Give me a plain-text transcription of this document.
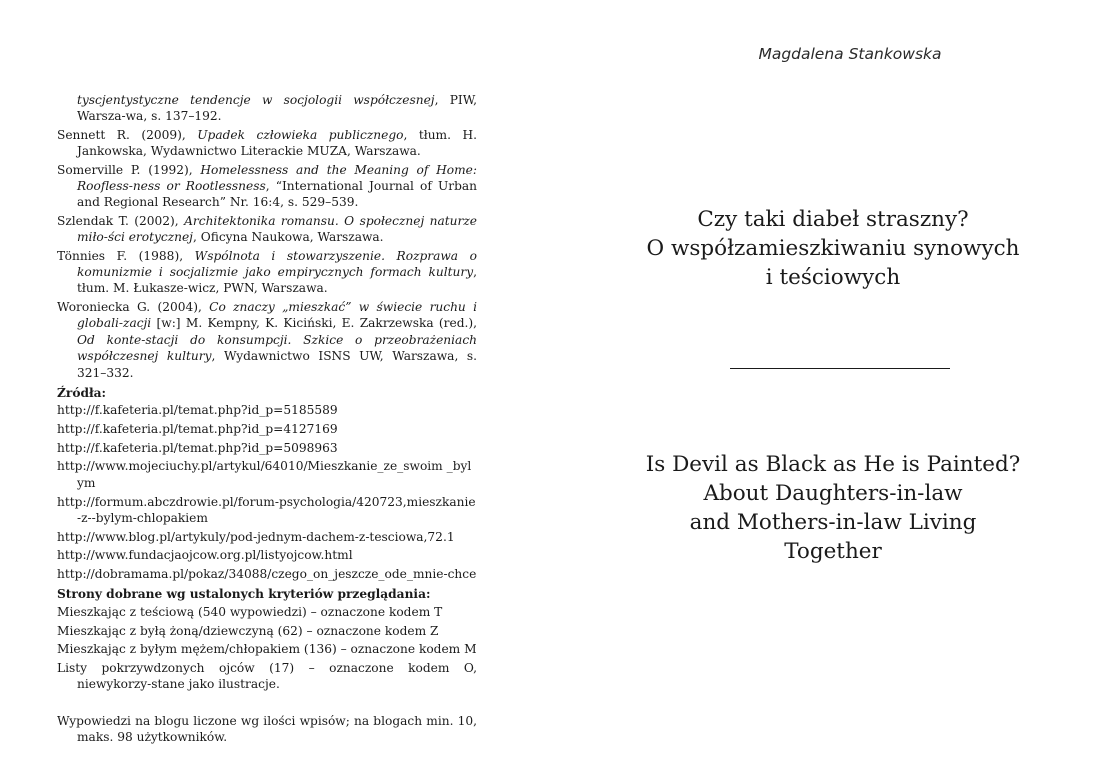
tyscjentystyczne tendencje w socjologii współczesnej, PIW, Warsza-wa, s. 137–192.
Sennett R. (2009), Upadek człowieka publicznego, tłum. H. Jankowska, Wydawnictwo Literackie MUZA, Warszawa.
Somerville P. (1992), Homelessness and the Meaning of Home: Roofless-ness or Rootlessness, “International Journal of Urban and Regional Research” Nr. 16:4, s. 529–539.
Szlendak T. (2002), Architektonika romansu. O społecznej naturze miło-ści erotycznej, Oficyna Naukowa, Warszawa.
Tönnies F. (1988), Wspólnota i stowarzyszenie. Rozprawa o komunizmie i socjalizmie jako empirycznych formach kultury, tłum. M. Łukasze-wicz, PWN, Warszawa.
Woroniecka G. (2004), Co znaczy „mieszkać” w świecie ruchu i globali-zacji [w:] M. Kempny, K. Kiciński, E. Zakrzewska (red.), Od konte-stacji do konsumpcji. Szkice o przeobrażeniach współczesnej kultury, Wydawnictwo ISNS UW, Warszawa, s. 321–332.
Źródła:
http://f.kafeteria.pl/temat.php?id_p=5185589
http://f.kafeteria.pl/temat.php?id_p=4127169
http://f.kafeteria.pl/temat.php?id_p=5098963
http://www.mojeciuchy.pl/artykul/64010/Mieszkanie_ze_swoim _bylym
http://formum.abczdrowie.pl/forum-psychologia/420723,mieszkanie-z--bylym-chlopakiem
http://www.blog.pl/artykuly/pod-jednym-dachem-z-tesciowa,72.1
http://www.fundacjaojcow.org.pl/listyojcow.html
http://dobramama.pl/pokaz/34088/czego_on_jeszcze_ode_mnie-chce
Strony dobrane wg ustalonych kryteriów przeglądania:
Mieszkając z teściową (540 wypowiedzi) – oznaczone kodem T
Mieszkając z byłą żoną/dziewczyną (62) – oznaczone kodem Z
Mieszkając z byłym mężem/chłopakiem (136) – oznaczone kodem M
Listy pokrzywdzonych ojców (17) – oznaczone kodem O, niewykorzy-stane jako ilustracje.
Wypowiedzi na blogu liczone wg ilości wpisów; na blogach min. 10, maks. 98 użytkowników.
Magdalena Stankowska
Czy taki diabeł straszny?
O współzamieszkiwaniu synowych
i teściowych
Is Devil as Black as He is Painted?
About Daughters-in-law
and Mothers-in-law Living Together
